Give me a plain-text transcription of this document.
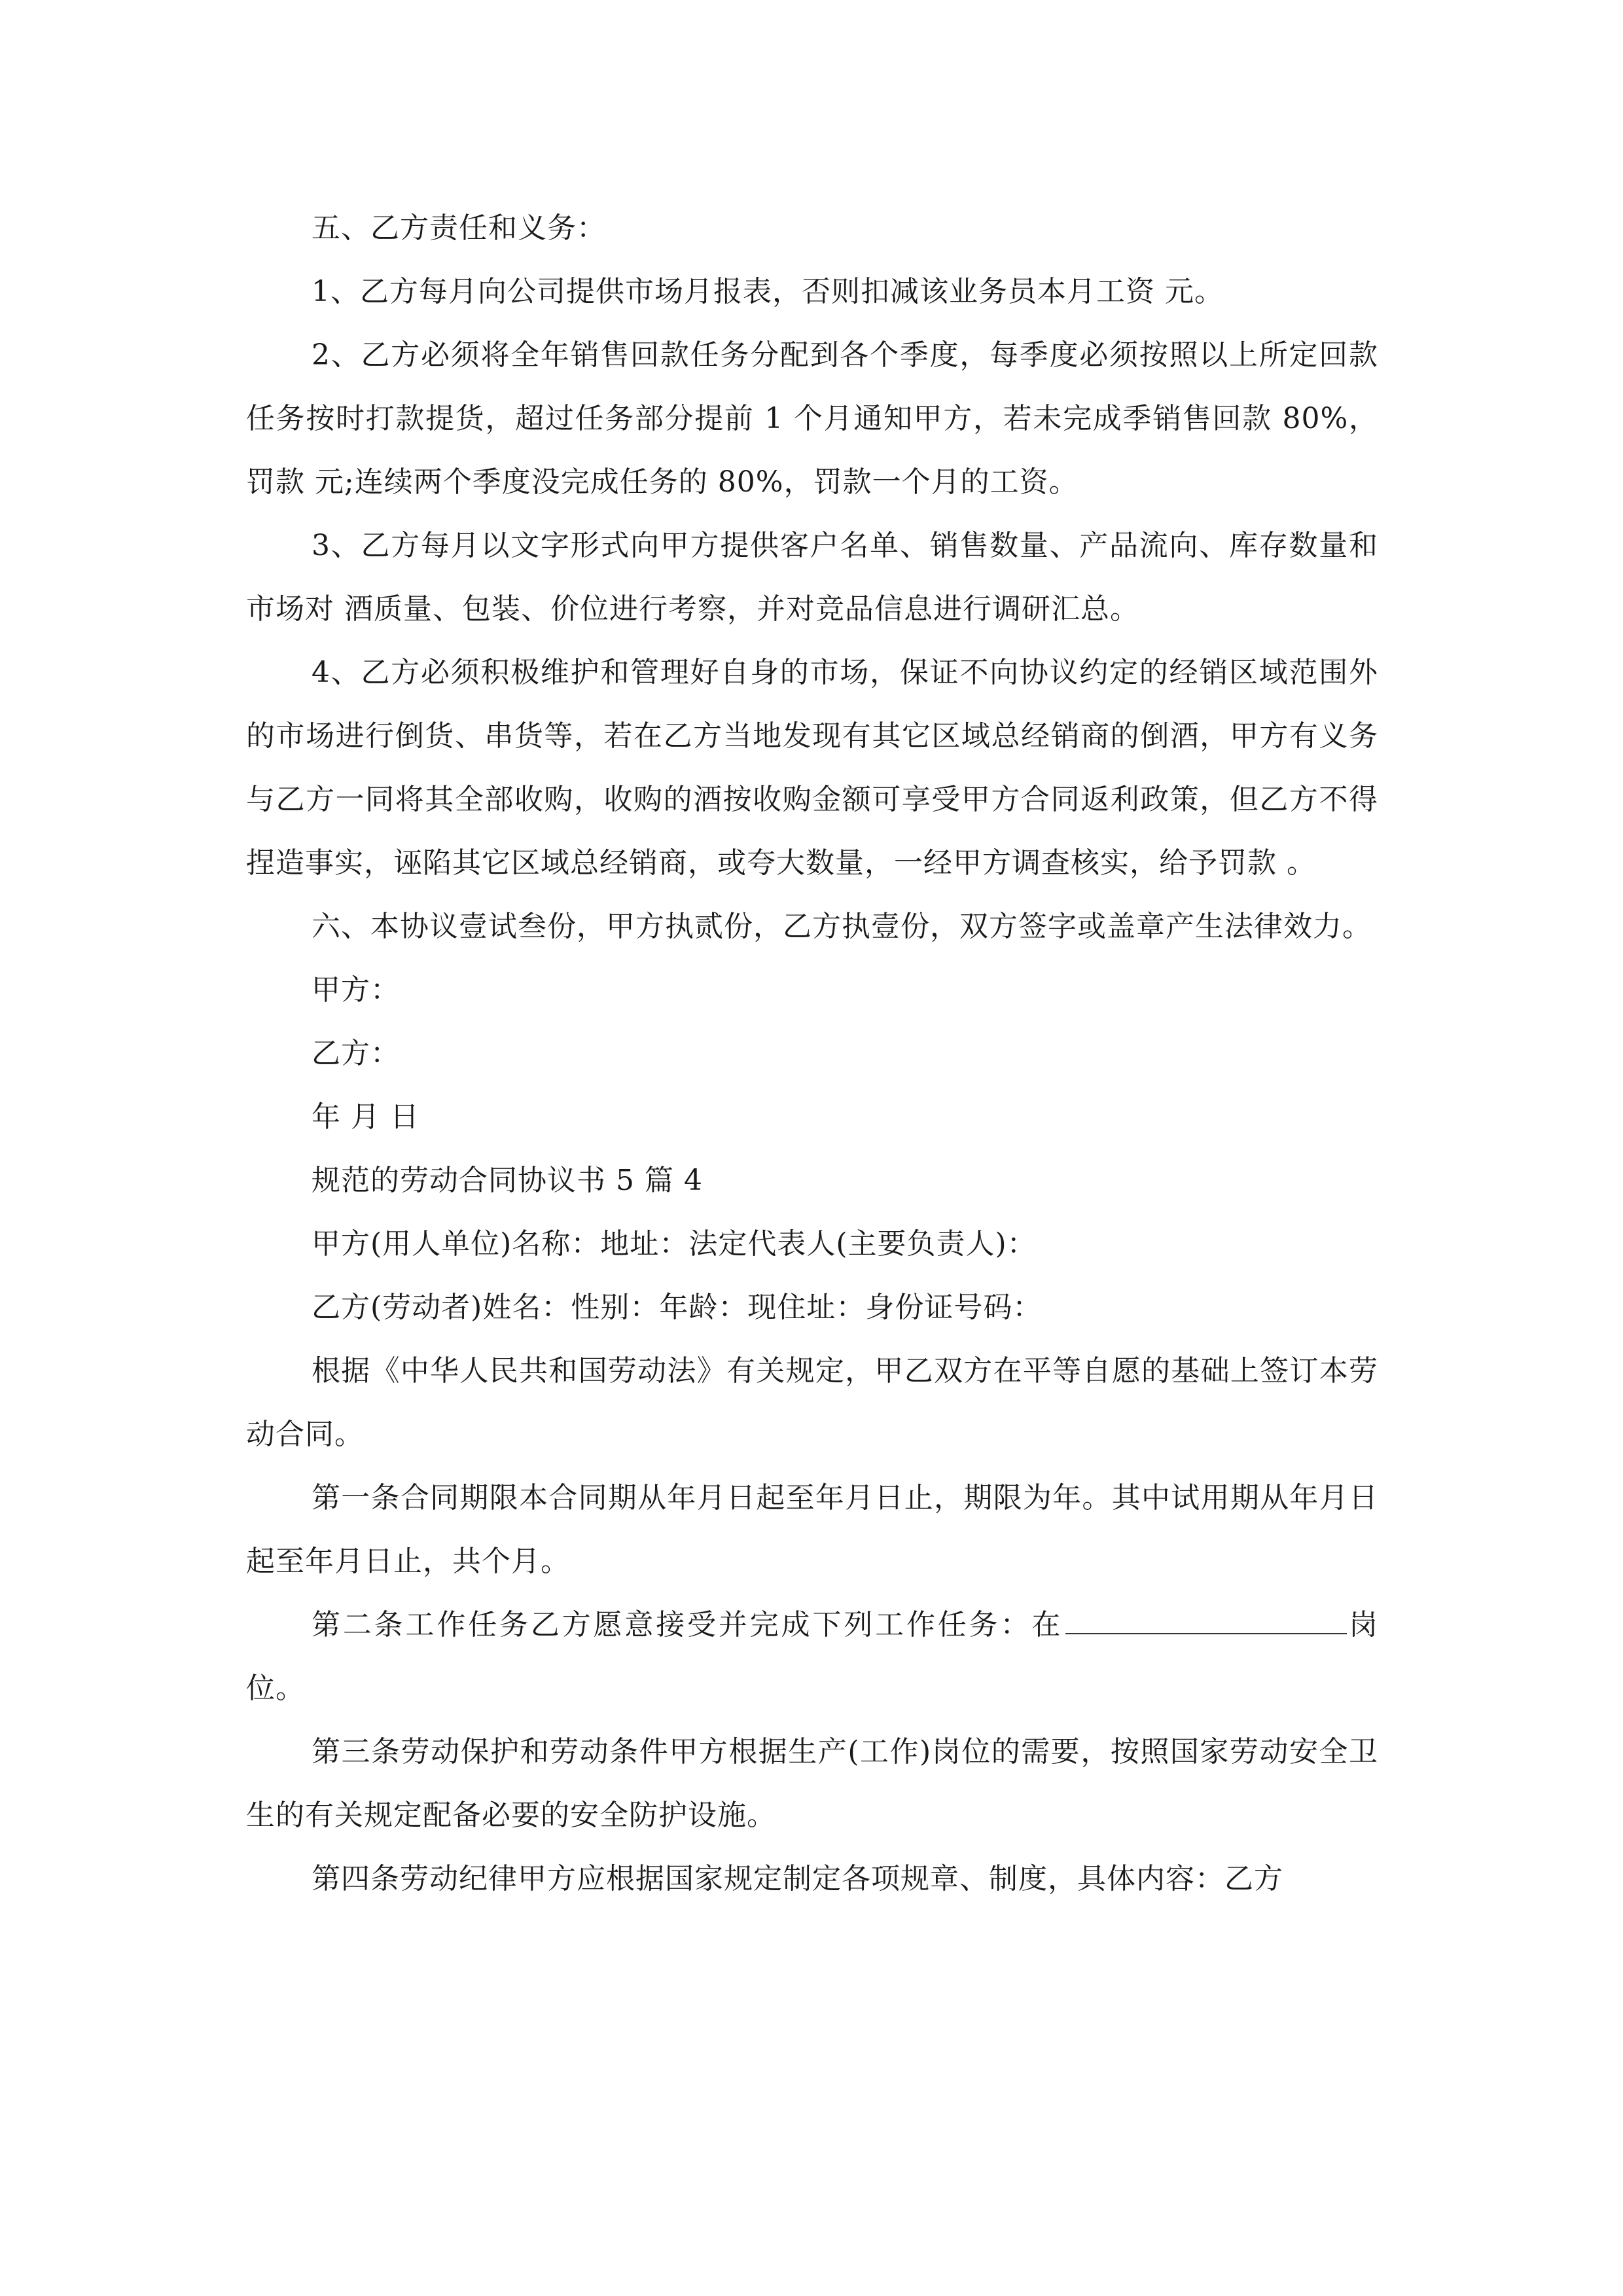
五、乙方责任和义务：

1、乙方每月向公司提供市场月报表，否则扣减该业务员本月工资 元。

2、乙方必须将全年销售回款任务分配到各个季度，每季度必须按照以上所定回款任务按时打款提货，超过任务部分提前 1 个月通知甲方，若未完成季销售回款 80%，罚款 元;连续两个季度没完成任务的 80%，罚款一个月的工资。

3、乙方每月以文字形式向甲方提供客户名单、销售数量、产品流向、库存数量和市场对 酒质量、包装、价位进行考察，并对竞品信息进行调研汇总。

4、乙方必须积极维护和管理好自身的市场，保证不向协议约定的经销区域范围外的市场进行倒货、串货等，若在乙方当地发现有其它区域总经销商的倒酒，甲方有义务与乙方一同将其全部收购，收购的酒按收购金额可享受甲方合同返利政策，但乙方不得捏造事实，诬陷其它区域总经销商，或夸大数量，一经甲方调查核实，给予罚款 。

六、本协议壹试叁份，甲方执贰份，乙方执壹份，双方签字或盖章产生法律效力。

甲方：

乙方：

年 月 日

规范的劳动合同协议书 5 篇 4

甲方(用人单位)名称：地址：法定代表人(主要负责人)：

乙方(劳动者)姓名：性别：年龄：现住址：身份证号码：

根据《中华人民共和国劳动法》有关规定，甲乙双方在平等自愿的基础上签订本劳动合同。

第一条合同期限本合同期从年月日起至年月日止，期限为年。其中试用期从年月日起至年月日止，共个月。

第二条工作任务乙方愿意接受并完成下列工作任务：在	岗位。

第三条劳动保护和劳动条件甲方根据生产(工作)岗位的需要，按照国家劳动安全卫生的有关规定配备必要的安全防护设施。

第四条劳动纪律甲方应根据国家规定制定各项规章、制度，具体内容：乙方
